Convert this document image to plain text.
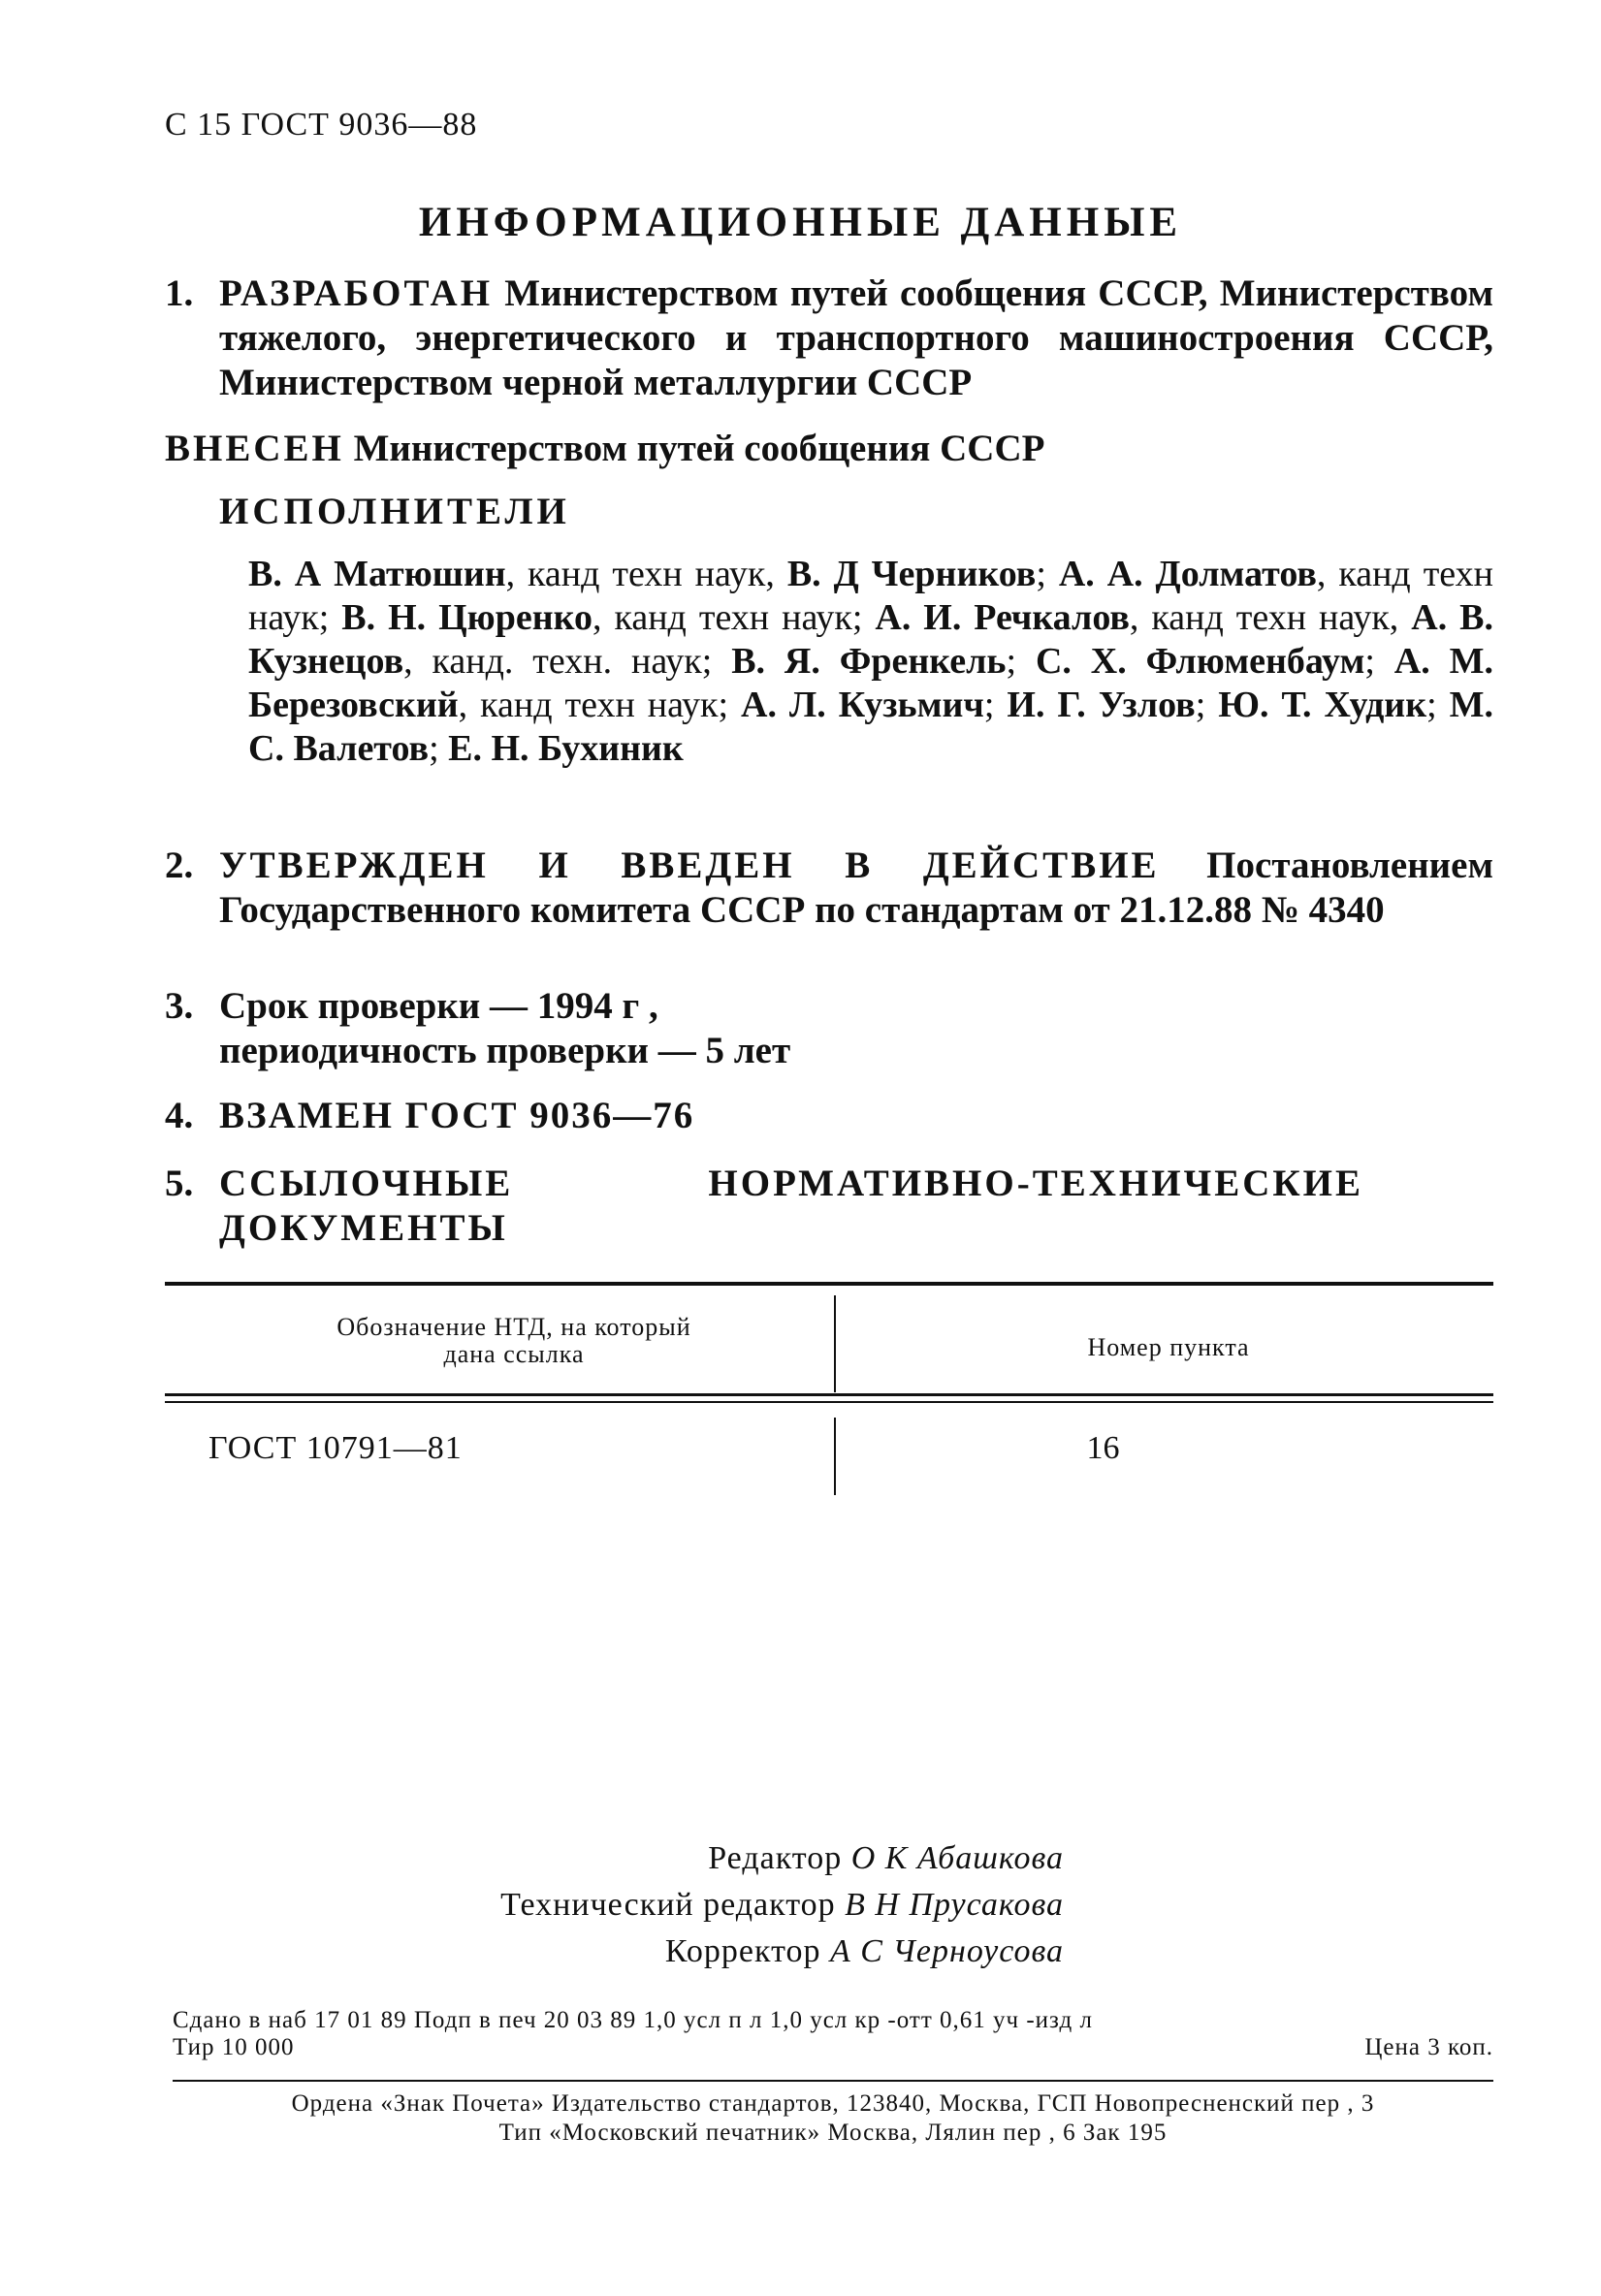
С 15 ГОСТ 9036—88
ИНФОРМАЦИОННЫЕ ДАННЫЕ
1. РАЗРАБОТАН Министерством путей сообщения СССР, Министерством тяжелого, энергетического и транспортного машиностроения СССР, Министерством черной металлургии СССР
ВНЕСЕН Министерством путей сообщения СССР
ИСПОЛНИТЕЛИ
В. А Матюшин, канд техн наук, В. Д Черников; А. А. Долматов, канд техн наук; В. Н. Цюренко, канд техн наук; А. И. Речкалов, канд техн наук, А. В. Кузнецов, канд. техн. наук; В. Я. Френкель; С. Х. Флюменбаум; А. М. Березовский, канд техн наук; А. Л. Кузьмич; И. Г. Узлов; Ю. Т. Худик; М. С. Валетов; Е. Н. Бухиник
2. УТВЕРЖДЕН И ВВЕДЕН В ДЕЙСТВИЕ Постановлением Государственного комитета СССР по стандартам от 21.12.88 № 4340
3. Срок проверки — 1994 г ,
периодичность проверки — 5 лет
4. ВЗАМЕН ГОСТ 9036—76
5. ССЫЛОЧНЫЕ НОРМАТИВНО-ТЕХНИЧЕСКИЕ ДОКУМЕНТЫ
Обозначение НТД, на который
дана ссылка	Номер пункта
ГОСТ 10791—81	16
Редактор О К Абашкова
Технический редактор В Н Прусакова
Корректор А С Черноусова
Сдано в наб 17 01 89 Подп в печ 20 03 89 1,0 усл п л 1,0 усл кр -отт 0,61 уч -изд л
Тир 10 000	Цена 3 коп.
Ордена «Знак Почета» Издательство стандартов, 123840, Москва, ГСП Новопресненский пер , 3
Тип «Московский печатник» Москва, Лялин пер , 6 Зак 195
